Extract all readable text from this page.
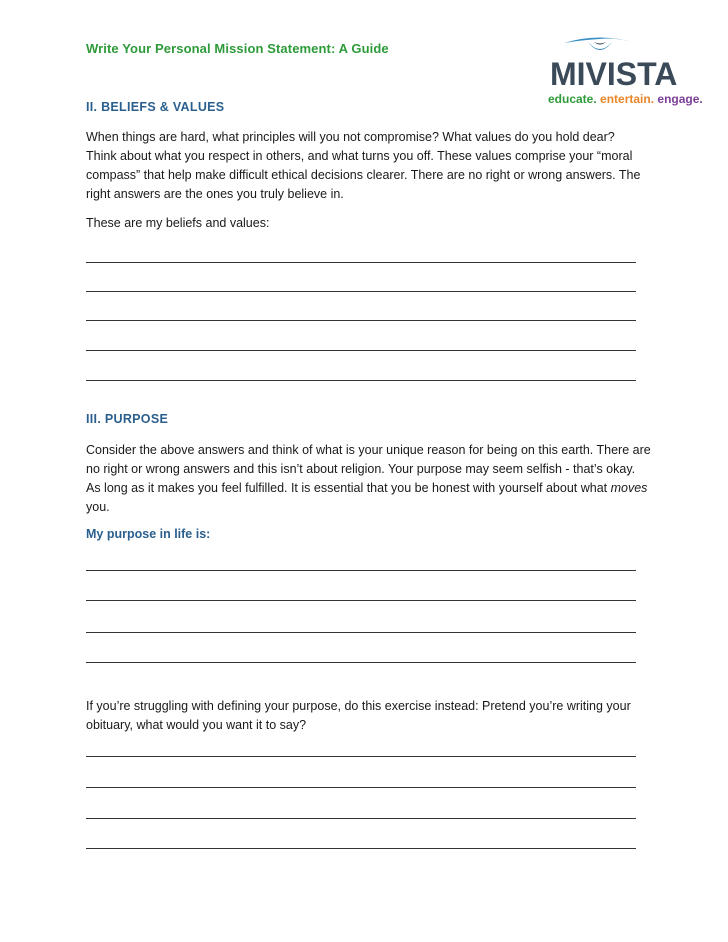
Write Your Personal Mission Statement: A Guide
MIVISTA
educate. entertain. engage.
II. BELIEFS & VALUES

When things are hard, what principles will you not compromise? What values do you hold dear? Think about what you respect in others, and what turns you off. These values comprise your “moral compass” that help make difficult ethical decisions clearer. There are no right or wrong answers. The right answers are the ones you truly believe in.

These are my beliefs and values:

III. PURPOSE

Consider the above answers and think of what is your unique reason for being on this earth. There are no right or wrong answers and this isn’t about religion. Your purpose may seem selfish - that’s okay. As long as it makes you feel fulfilled. It is essential that you be honest with yourself about what moves you.

My purpose in life is:

If you’re struggling with defining your purpose, do this exercise instead: Pretend you’re writing your obituary, what would you want it to say?
